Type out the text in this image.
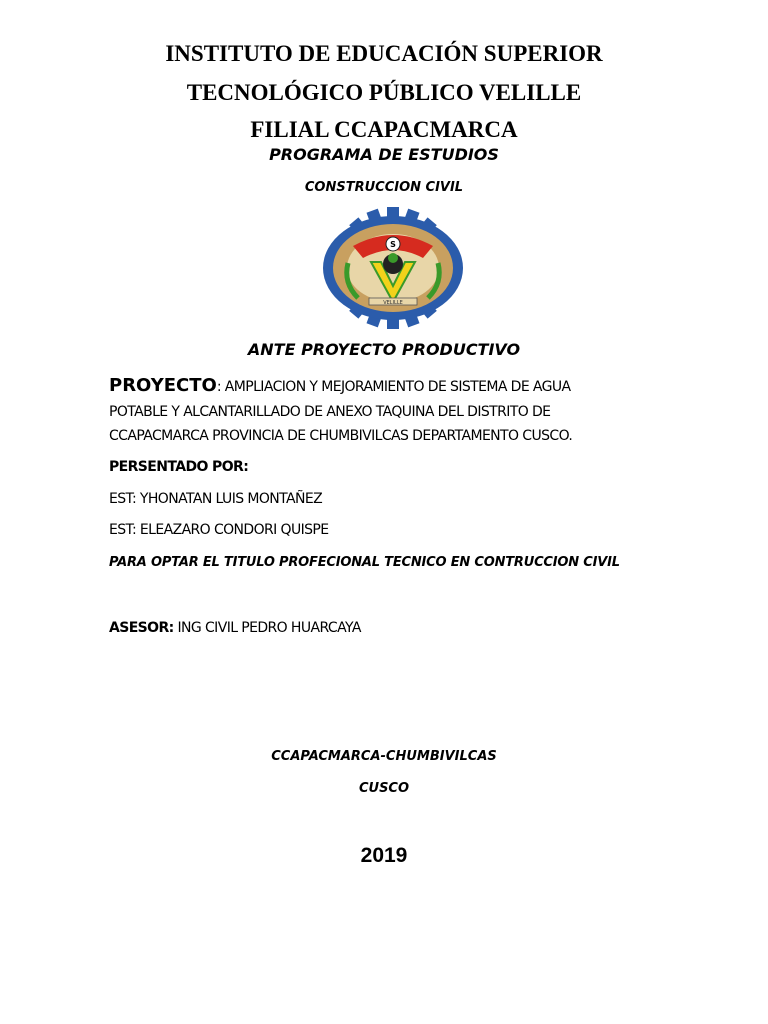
INSTITUTO DE EDUCACIÓN SUPERIOR
TECNOLÓGICO PÚBLICO VELILLE
FILIAL CCAPACMARCA
PROGRAMA DE ESTUDIOS
CONSTRUCCION CIVIL
S
VELILLE
ANTE PROYECTO PRODUCTIVO
PROYECTO: AMPLIACION Y MEJORAMIENTO DE SISTEMA DE AGUA
POTABLE Y ALCANTARILLADO DE ANEXO TAQUINA DEL DISTRITO DE
CCAPACMARCA PROVINCIA DE CHUMBIVILCAS DEPARTAMENTO CUSCO.
PERSENTADO POR:
EST: YHONATAN LUIS MONTAÑEZ
EST: ELEAZARO CONDORI QUISPE
PARA OPTAR EL TITULO PROFECIONAL TECNICO EN CONTRUCCION CIVIL
ASESOR: ING CIVIL PEDRO HUARCAYA
CCAPACMARCA-CHUMBIVILCAS
CUSCO
2019
